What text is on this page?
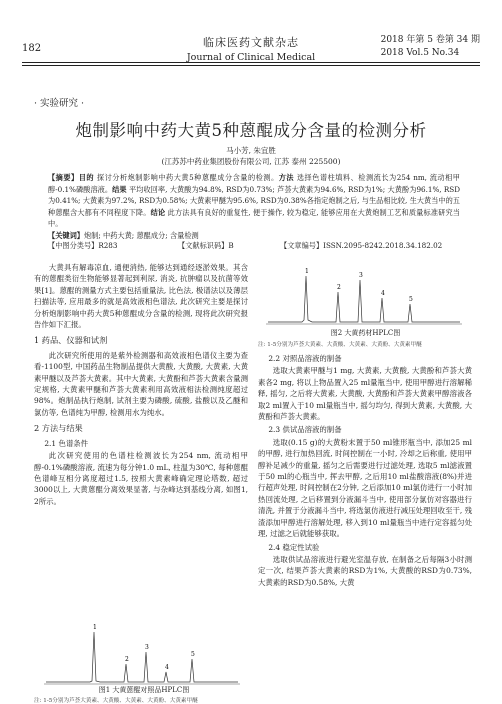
182	临床医药文献杂志
Journal of Clinical Medical
2018 年第 5 卷第 34 期
2018 Vol.5 No.34
· 实验研究 ·
炮制影响中药大黄5种蒽醌成分含量的检测分析
马小芳, 朱宜胜
(江苏苏中药业集团股份有限公司, 江苏 泰州 225500)
【摘要】目的 探讨分析炮制影响中药大黄5种蒽醌成分含量的检测。方法 选择色谱柱填料、检测流长为254 nm, 流动相甲醇-0.1%磷酸溶液。结果 平均收回率, 大黄酸为94.8%, RSD为0.73%; 芦荟大黄素为94.6%, RSD为1%; 大黄酚为96.1%, RSD为0.41%; 大黄素为97.2%, RSD为0.58%; 大黄素甲醚为95.6%, RSD为0.38%各指定炮制之后, 与生品相比较, 生大黄当中的五种蒽醌含大都有不同程度下降。结论 此方法具有良好的重复性, 便于操作, 较为稳定, 能够应用在大黄炮制工艺和质量标准研究当中。
【关键词】炮制; 中药大黄; 蒽醌成分; 含量检测
【中图分类号】R283	【文献标识码】B	【文章编号】ISSN.2095-8242.2018.34.182.02

大黄具有解毒凉血, 通便消热, 能够达到通经逐淤效果。其含有的蒽醌类衍生物能够显著起到利尿, 消炎, 抗肿瘤以及抗菌等效果[1]。蒽醌的测量方式主要包括重量法, 比色法, 极谱法以及薄层扫描法等, 应用最多的就是高效液相色谱法, 此次研究主要是探讨分析炮制影响中药大黄5种蒽醌成分含量的检测, 现将此次研究报告作如下汇报。

1 药品、仪器和试剂

此次研究所使用的是紫外检测器和高效液相色谱仪主要为查看-1100型, 中国药品生物制品提供大黄酸, 大黄酸, 大黄素, 大黄素甲醚以及芦荟大黄素。其中大黄素, 大黄酚和芦荟大黄素含量测定规格, 大黄素甲醚和芦荟大黄素利用高效液相法检测纯度超过98%。炮制品执行炮制, 试剂主要为磷酸, 硫酸, 盐酸以及乙醚和氯仿等, 色谱纯为甲醇, 检测用水为纯水。

2 方法与结果
2.1 色谱条件

此次研究使用的色谱柱检测波长为254 nm, 流动相甲醇-0.1%磷酸溶液, 流速为每分钟1.0 mL, 柱温为30℃, 每种蒽醌色谱峰互相分离度超过1.5, 按照大黄素峰确定理论塔数, 超过3000以上, 大黄蒽醌分离效果显著, 与杂峰达到基线分离, 如图1, 2所示。

1
2
3
4
5
图1 大黄蒽醌对照品HPLC图
注: 1-5分别为芦荟大黄素、大黄酸、大黄素、大黄酚、大黄素甲醚
1
2
3
4
5
图2 大黄药材HPLC图
注: 1-5分别为芦荟大黄素、大黄酸、大黄素、大黄酚、大黄素甲醚
2.2 对照品溶液的制备

选取大黄素甲醚与1 mg, 大黄素, 大黄酸, 大黄酚和芦荟大黄素各2 mg, 将以上物品置入25 ml量瓶当中, 使用甲醇进行溶解稀释, 摇匀, 之后将大黄素, 大黄酸, 大黄酚和芦荟大黄素甲醇溶液各取2 ml置入于10 ml量瓶当中, 摇匀均匀, 得到大黄素, 大黄酸, 大黄酚和芦荟大黄素。

2.3 供试品溶液的制备

选取(0.15 g)的大黄粉末置于50 ml锥形瓶当中, 添加25 ml的甲醇, 进行加热回流, 时间控制在一小时, 冷却之后称重, 使用甲醇补足减少的重量, 摇匀之后需要进行过滤处理, 选取5 ml滤液置于50 ml的心瓶当中, 挥去甲醇, 之后用10 ml盐酸溶液(8%)并进行超声处理, 时间控制在2分钟, 之后添加10 ml氯仿进行一小时加热回流处理, 之后移置到分液漏斗当中, 使用部分氯仿对容器进行清洗, 并置于分液漏斗当中, 将选氯仿液进行减压处理回收至干, 残渣添加甲醇进行溶解处理, 移入到10 ml量瓶当中进行定容摇匀处理, 过滤之后就能够获取。

2.4 稳定性试验

选取供试品溶液进行避光室温存放, 在制备之后每隔3小时测定一次, 结果芦荟大黄素的RSD为1%, 大黄酸的RSD为0.73%, 大黄素的RSD为0.58%, 大黄
